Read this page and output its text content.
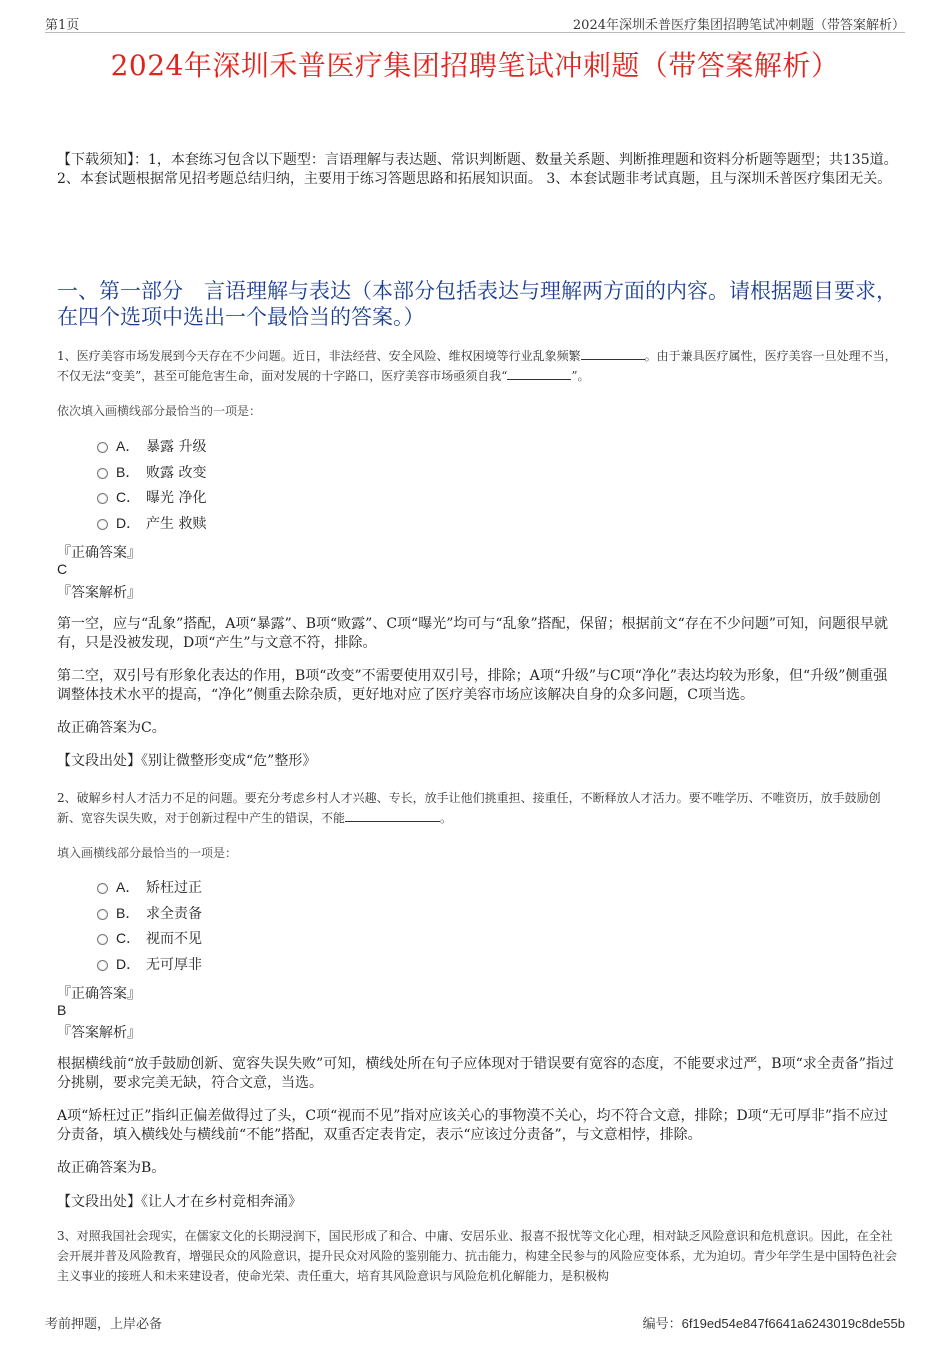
第1页	2024年深圳禾普医疗集团招聘笔试冲刺题（带答案解析）
2024年深圳禾普医疗集团招聘笔试冲刺题（带答案解析）
【下载须知】：1，本套练习包含以下题型：言语理解与表达题、常识判断题、数量关系题、判断推理题和资料分析题等题型；共135道。 2、本套试题根据常见招考题总结归纳，主要用于练习答题思路和拓展知识面。 3、本套试题非考试真题，且与深圳禾普医疗集团无关。
一、第一部分　言语理解与表达（本部分包括表达与理解两方面的内容。请根据题目要求，在四个选项中选出一个最恰当的答案。）
1、医疗美容市场发展到今天存在不少问题。近日，非法经营、安全风险、维权困境等行业乱象频繁	。由于兼具医疗属性，医疗美容一旦处理不当，不仅无法“变美”，甚至可能危害生命，面对发展的十字路口，医疗美容市场亟须自我“	”。
依次填入画横线部分最恰当的一项是：
A． 暴露 升级
B． 败露 改变
C． 曝光 净化
D． 产生 救赎
『正确答案』
C
『答案解析』
第一空，应与“乱象”搭配，A项“暴露”、B项“败露”、C项“曝光”均可与“乱象”搭配，保留；根据前文“存在不少问题”可知，问题很早就有，只是没被发现，D项“产生”与文意不符，排除。
第二空，双引号有形象化表达的作用，B项“改变”不需要使用双引号，排除；A项“升级”与C项“净化”表达均较为形象，但“升级”侧重强调整体技术水平的提高，“净化”侧重去除杂质，更好地对应了医疗美容市场应该解决自身的众多问题，C项当选。
故正确答案为C。
【文段出处】《别让微整形变成“危”整形》
2、破解乡村人才活力不足的问题。要充分考虑乡村人才兴趣、专长，放手让他们挑重担、接重任，不断释放人才活力。要不唯学历、不唯资历，放手鼓励创新、宽容失误失败，对于创新过程中产生的错误，不能	。
填入画横线部分最恰当的一项是：
A． 矫枉过正
B． 求全责备
C． 视而不见
D． 无可厚非
『正确答案』
B
『答案解析』
根据横线前“放手鼓励创新、宽容失误失败”可知，横线处所在句子应体现对于错误要有宽容的态度，不能要求过严，B项“求全责备”指过分挑剔，要求完美无缺，符合文意，当选。
A项“矫枉过正”指纠正偏差做得过了头，C项“视而不见”指对应该关心的事物漠不关心，均不符合文意，排除；D项“无可厚非”指不应过分责备，填入横线处与横线前“不能”搭配，双重否定表肯定，表示“应该过分责备”，与文意相悖，排除。
故正确答案为B。
【文段出处】《让人才在乡村竞相奔涌》
3、对照我国社会现实，在儒家文化的长期浸润下，国民形成了和合、中庸、安居乐业、报喜不报忧等文化心理，相对缺乏风险意识和危机意识。因此，在全社会开展并普及风险教育，增强民众的风险意识，提升民众对风险的鉴别能力、抗击能力，构建全民参与的风险应变体系，尤为迫切。青少年学生是中国特色社会主义事业的接班人和未来建设者，使命光荣、责任重大，培育其风险意识与风险危机化解能力，是积极构
考前押题，上岸必备	编号：6f19ed54e847f6641a6243019c8de55b
